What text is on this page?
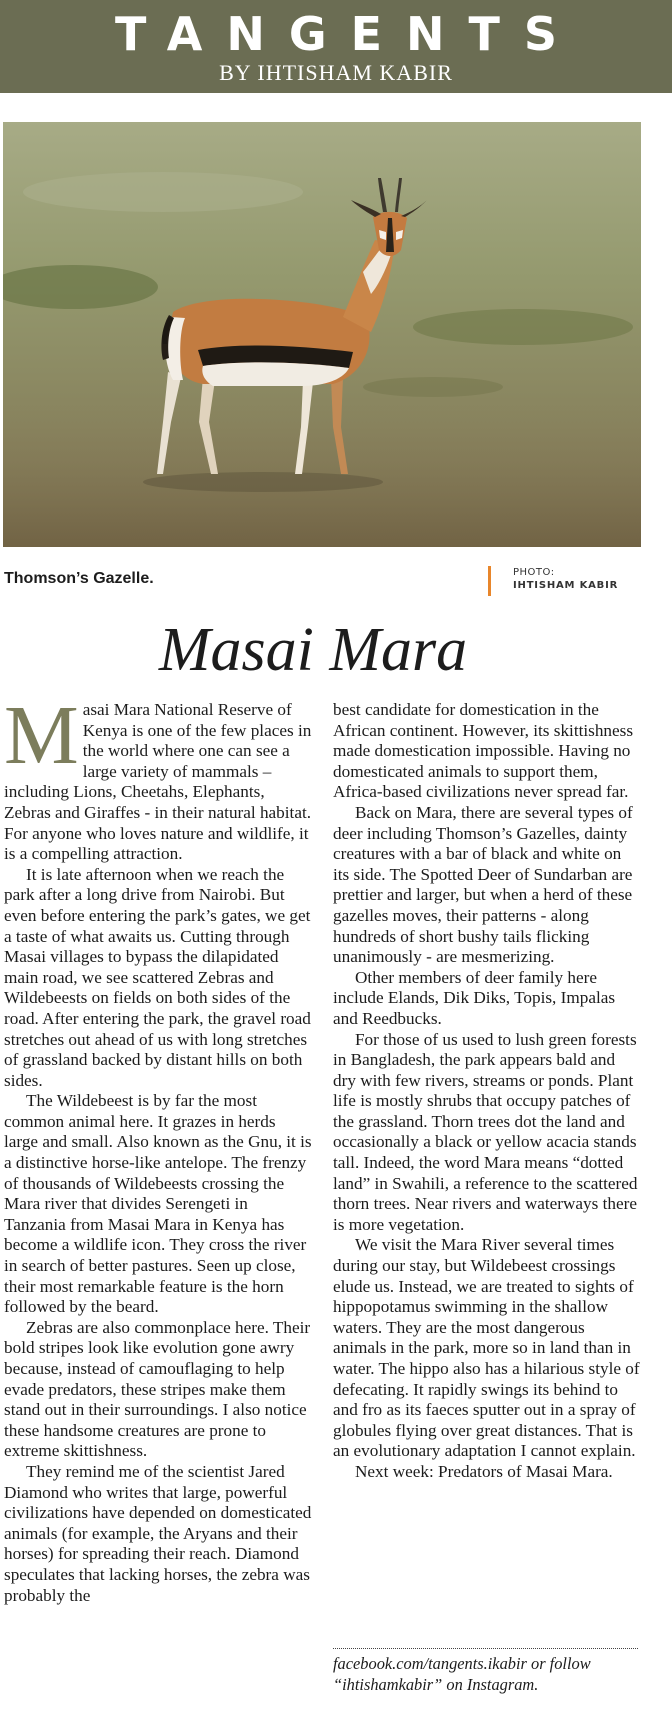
TANGENTS
BY IHTISHAM KABIR
Thomson’s Gazelle.	PHOTO:
IHTISHAM KABIR
Masai Mara

Masai Mara National Reserve of Kenya is one of the few places in the world where one can see a large variety of mammals – including Lions, Cheetahs, Elephants, Zebras and Giraffes - in their natural habitat. For anyone who loves nature and wildlife, it is a compelling attraction.

It is late afternoon when we reach the park after a long drive from Nairobi. But even before entering the park’s gates, we get a taste of what awaits us. Cutting through Masai villages to bypass the dilapidated main road, we see scattered Zebras and Wildebeests on fields on both sides of the road. After entering the park, the gravel road stretches out ahead of us with long stretches of grassland backed by distant hills on both sides.

The Wildebeest is by far the most common animal here. It grazes in herds large and small. Also known as the Gnu, it is a distinctive horse-like antelope. The frenzy of thousands of Wildebeests crossing the Mara river that divides Serengeti in Tanzania from Masai Mara in Kenya has become a wildlife icon. They cross the river in search of better pastures. Seen up close, their most remarkable feature is the horn followed by the beard.

Zebras are also commonplace here. Their bold stripes look like evolution gone awry because, instead of camouflaging to help evade predators, these stripes make them stand out in their surroundings. I also notice these handsome creatures are prone to extreme skittishness.

They remind me of the scientist Jared Diamond who writes that large, powerful civilizations have depended on domesticated animals (for example, the Aryans and their horses) for spreading their reach. Diamond speculates that lacking horses, the zebra was probably the

best candidate for domestication in the African continent. However, its skittishness made domestication impossible. Having no domesticated animals to support them, Africa-based civilizations never spread far.

Back on Mara, there are several types of deer including Thomson’s Gazelles, dainty creatures with a bar of black and white on its side. The Spotted Deer of Sundarban are prettier and larger, but when a herd of these gazelles moves, their patterns - along hundreds of short bushy tails flicking unanimously - are mesmerizing.

Other members of deer family here include Elands, Dik Diks, Topis, Impalas and Reedbucks.

For those of us used to lush green forests in Bangladesh, the park appears bald and dry with few rivers, streams or ponds. Plant life is mostly shrubs that occupy patches of the grassland. Thorn trees dot the land and occasionally a black or yellow acacia stands tall. Indeed, the word Mara means “dotted land” in Swahili, a reference to the scattered thorn trees. Near rivers and waterways there is more vegetation.

We visit the Mara River several times during our stay, but Wildebeest crossings elude us. Instead, we are treated to sights of hippopotamus swimming in the shallow waters. They are the most dangerous animals in the park, more so in land than in water. The hippo also has a hilarious style of defecating. It rapidly swings its behind to and fro as its faeces sputter out in a spray of globules flying over great distances. That is an evolutionary adaptation I cannot explain.

Next week: Predators of Masai Mara.

facebook.com/tangents.ikabir or follow “ihtishamkabir” on Instagram.
